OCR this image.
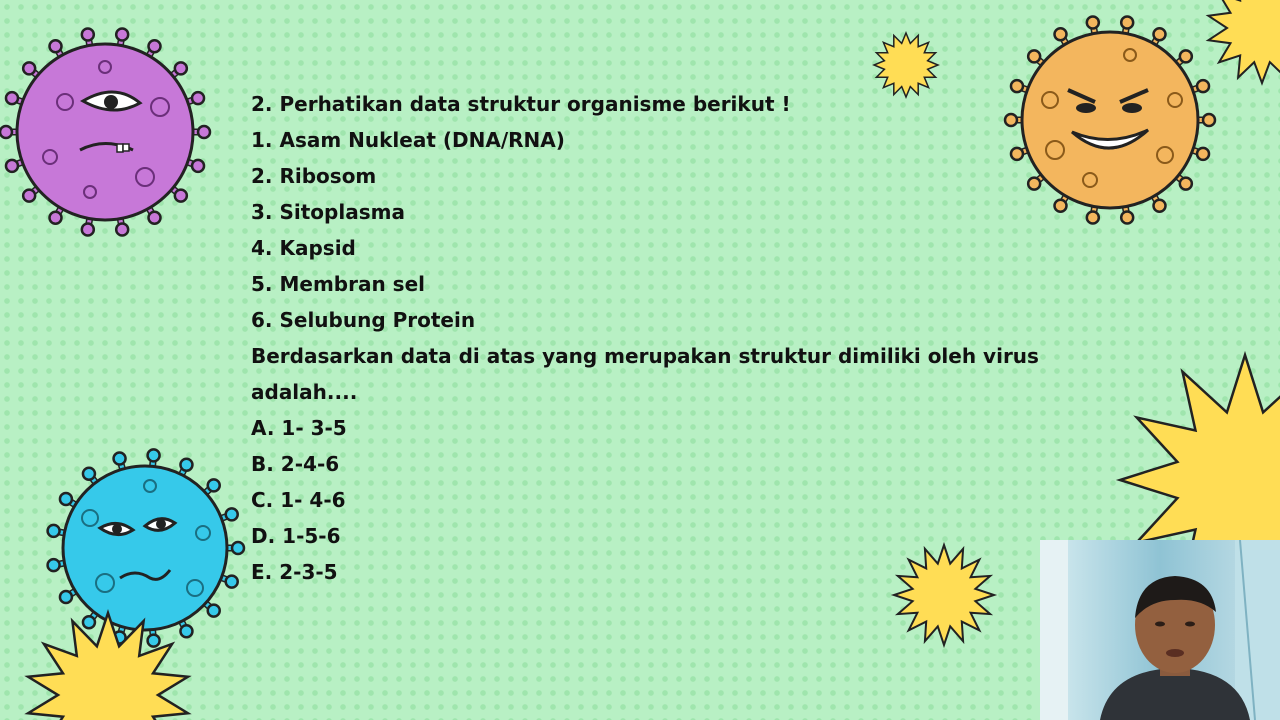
2. Perhatikan data struktur organisme berikut !
1. Asam Nukleat (DNA/RNA)
2. Ribosom
3. Sitoplasma
4. Kapsid
5. Membran sel
6. Selubung Protein
Berdasarkan data di atas yang merupakan struktur dimiliki oleh virus adalah....
A. 1- 3-5
B. 2-4-6
C. 1- 4-6
D. 1-5-6
E. 2-3-5
